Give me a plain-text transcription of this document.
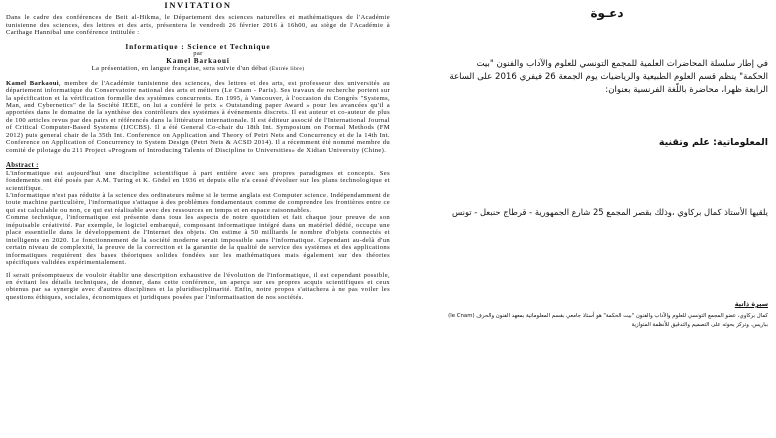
INVITATION

Dans le cadre des conférences de Beit al-Hikma, le Département des sciences naturelles et mathématiques de l'Académie tunisienne des sciences, des lettres et des arts, présentera le vendredi 26 février 2016 à 16h00, au siège de l'Académie à Carthage Hannibal une conférence intitulée :

Informatique : Science et Technique
par
Kamel Barkaoui
La présentation, en langue française, sera suivie d'un débat (Entrée libre)

Kamel Barkaoui, membre de l'Académie tunisienne des sciences, des lettres et des arts, est professeur des universités au département informatique du Conservatoire national des arts et métiers (Le Cnam - Paris). Ses travaux de recherche portent sur la spécification et la vérification formelle des systèmes concurrents. En 1995, à Vancouver, à l'occasion du Congrès "Systems, Man, and Cybernetics" de la Société IEEE, on lui a conféré le prix « Outstanding paper Award » pour les avancées qu'il a apportées dans le domaine de la synthèse des contrôleurs des systèmes à événements discrets. Il est auteur et co-auteur de plus de 100 articles revus par des pairs et référencés dans la littérature internationale. Il est éditeur associé de l'International Journal of Critical Computer-Based Systems (IJCCBS). Il a été General Co-chair du 18th Int. Symposium on Formal Methods (FM 2012) puis general chair de la 35th Int. Conference on Application and Theory of Petri Nets and Concurrency et de la 14th Int. Conference on Application of Concurrency to System Design (Petri Nets & ACSD 2014). Il a récemment été nommé membre du comité de pilotage du 211 Project «Program of Introducing Talents of Discipline to Universities» de Xidian University (Chine).

Abstract :

L'informatique est aujourd'hui une discipline scientifique à part entière avec ses propres paradigmes et concepts. Ses fondements ont été posés par A.M. Turing et K. Gödel en 1936 et depuis elle n'a cessé d'évoluer sur les plans technologique et scientifique.

L'informatique n'est pas réduite à la science des ordinateurs même si le terme anglais est Computer science. Indépendamment de toute machine particulière, l'informatique s'attaque à des problèmes fondamentaux comme de comprendre les frontières entre ce qui est calculable ou non, ce qui est réalisable avec des ressources en temps et en espace raisonnables.

Comme technique, l'informatique est présente dans tous les aspects de notre quotidien et fait chaque jour preuve de son inépuisable créativité. Par exemple, le logiciel embarqué, composant informatique intégré dans un matériel dédié, occupe une place essentielle dans le développement de l'Internet des objets. On estime à 50 milliards le nombre d'objets connectés et intelligents en 2020. Le fonctionnement de la société moderne serait impossible sans l'informatique. Cependant au-delà d'un certain niveau de complexité, la preuve de la correction et la garantie de la qualité de service des systèmes et des applications informatiques requièrent des bases théoriques solides fondées sur les mathématiques mais également sur des théories spécifiques validées expérimentalement.

Il serait présomptueux de vouloir établir une description exhaustive de l'évolution de l'informatique, il est cependant possible, en évitant les détails techniques, de donner, dans cette conférence, un aperçu sur ses propres acquis scientifiques et ceux obtenus par sa synergie avec d'autres disciplines et la pluridisciplinarité. Enfin, notre propos s'attachera à ne pas voiler les questions éthiques, sociales, économiques et juridiques posées par l'informatisation de nos sociétés.

دعـوة
في إطار سلسلة المحاضرات العلمية للمجمع التونسي للعلوم والآداب والفنون "بيت الحكمة" ينظم قسم العلوم الطبيعية والرياضيات يوم الجمعة 26 فيفري 2016 على الساعة الرابعة ظهرا، محاضرة باللّغة الفرنسية بعنوان:
المعلوماتية: علم وتقنية
يلقيها الأستاذ كمال بركاوي ،وذلك بقصر المجمع 25 شارع الجمهورية - قرطاج حنبعل - تونس
سيرة ذاتية
كمال بركاوي، عضو المجمع التونسي للعلوم والآداب والفنون "بيت الحكمة" هو أستاذ جامعي بقسم المعلوماتية بمعهد الفنون والحرف (le Cnam) بباريس. وتركز بحوثه على التصميم والتدقيق للأنظمة المتوازية
